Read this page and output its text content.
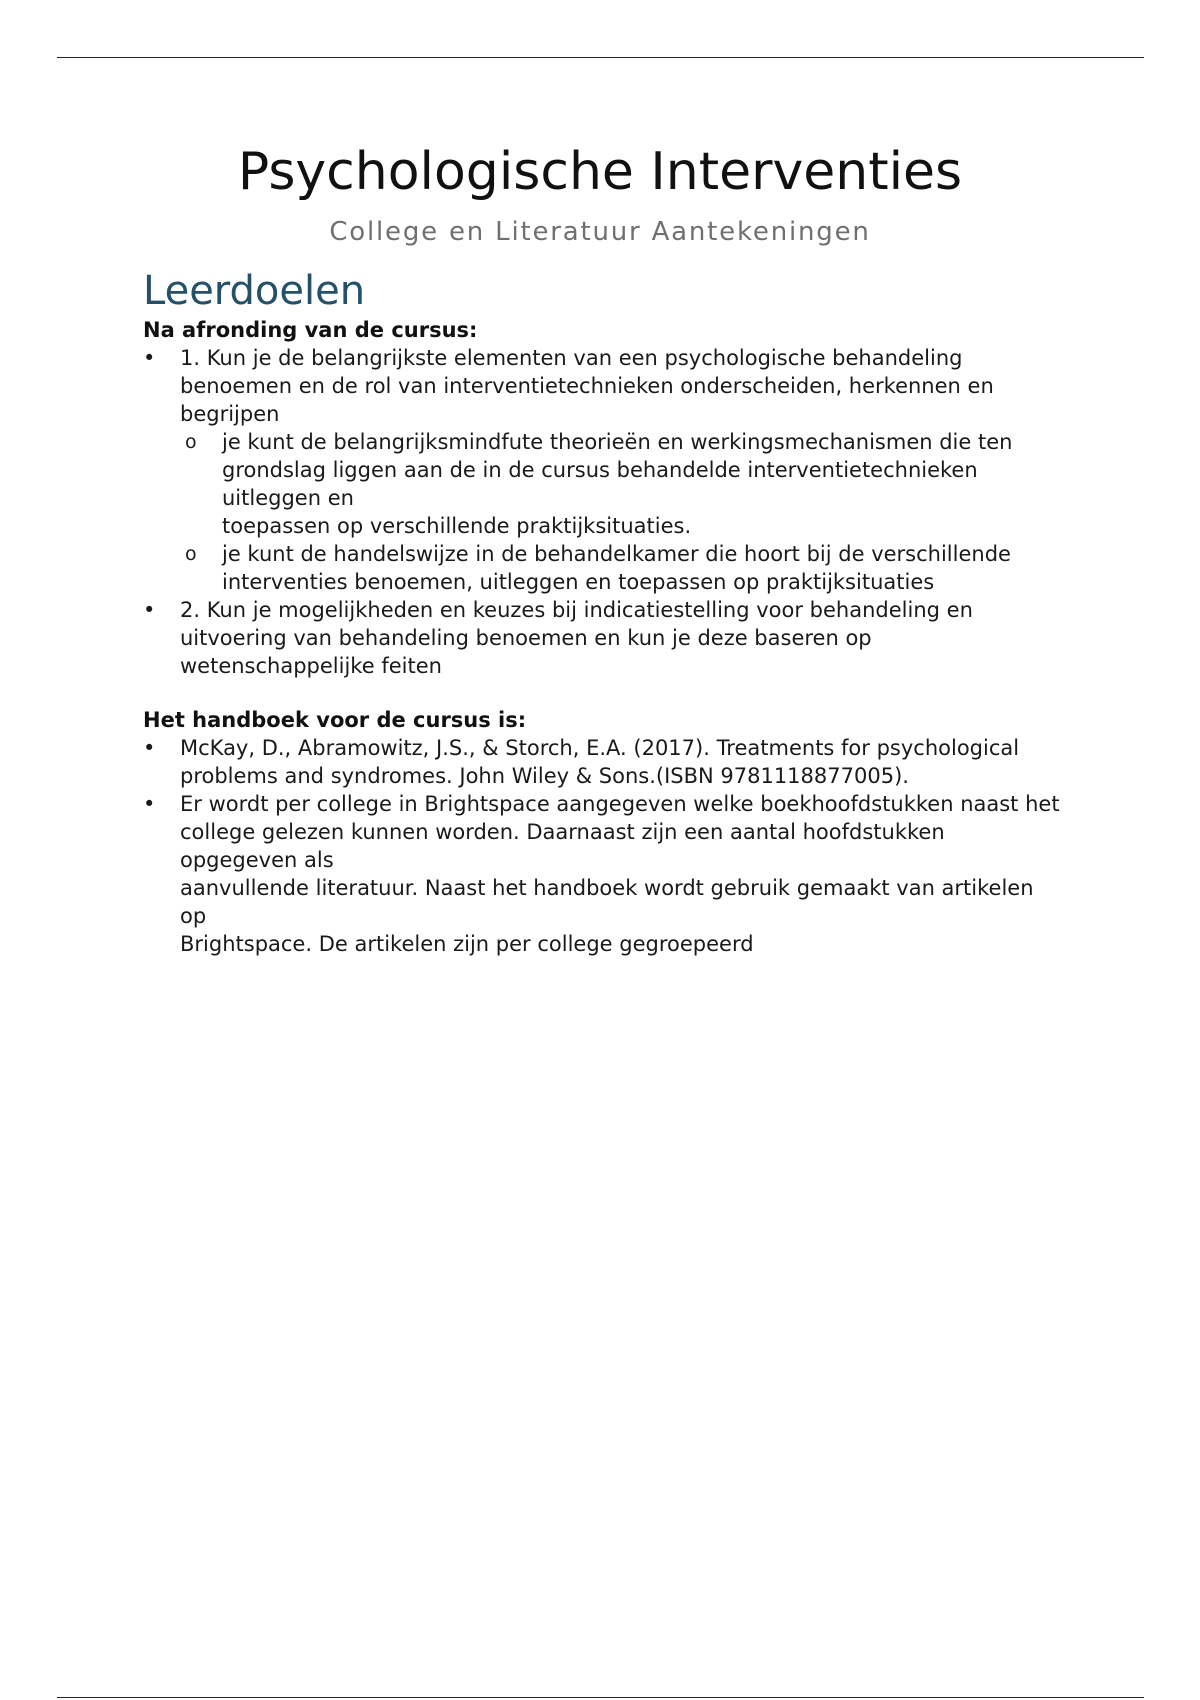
Psychologische Interventies
College en Literatuur Aantekeningen
Leerdoelen
Na afronding van de cursus:
• 1. Kun je de belangrijkste elementen van een psychologische behandeling benoemen en de rol van interventietechnieken onderscheiden, herkennen en begrijpen
o je kunt de belangrijksmindfute theorieën en werkingsmechanismen die ten
grondslag liggen aan de in de cursus behandelde interventietechnieken uitleggen en
toepassen op verschillende praktijksituaties.
o je kunt de handelswijze in de behandelkamer die hoort bij de verschillende interventies benoemen, uitleggen en toepassen op praktijksituaties
• 2. Kun je mogelijkheden en keuzes bij indicatiestelling voor behandeling en uitvoering van behandeling benoemen en kun je deze baseren op wetenschappelijke feiten
Het handboek voor de cursus is:
• McKay, D., Abramowitz, J.S., & Storch, E.A. (2017). Treatments for psychological
problems and syndromes. John Wiley & Sons.(ISBN 9781118877005).
• Er wordt per college in Brightspace aangegeven welke boekhoofdstukken naast het
college gelezen kunnen worden. Daarnaast zijn een aantal hoofdstukken opgegeven als
aanvullende literatuur. Naast het handboek wordt gebruik gemaakt van artikelen op
Brightspace. De artikelen zijn per college gegroepeerd
